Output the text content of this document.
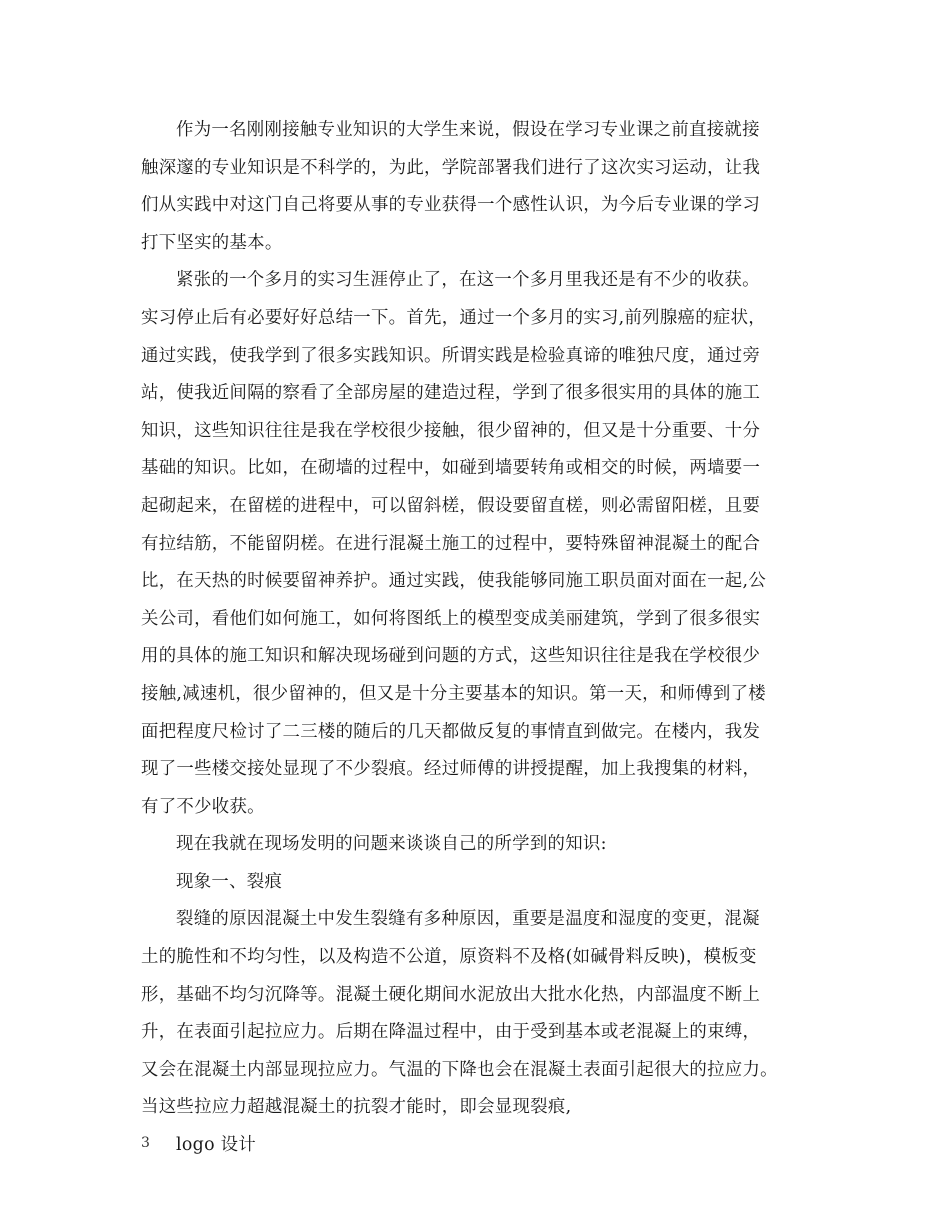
作为一名刚刚接触专业知识的大学生来说，假设在学习专业课之前直接就接
触深邃的专业知识是不科学的，为此，学院部署我们进行了这次实习运动，让我
们从实践中对这门自己将要从事的专业获得一个感性认识，为今后专业课的学习
打下坚实的基本。
紧张的一个多月的实习生涯停止了，在这一个多月里我还是有不少的收获。
实习停止后有必要好好总结一下。首先，通过一个多月的实习,前列腺癌的症状，
通过实践，使我学到了很多实践知识。所谓实践是检验真谛的唯独尺度，通过旁
站，使我近间隔的察看了全部房屋的建造过程，学到了很多很实用的具体的施工
知识，这些知识往往是我在学校很少接触，很少留神的，但又是十分重要、十分
基础的知识。比如，在砌墙的过程中，如碰到墙要转角或相交的时候，两墙要一
起砌起来，在留槎的进程中，可以留斜槎，假设要留直槎，则必需留阳槎，且要
有拉结筋，不能留阴槎。在进行混凝土施工的过程中，要特殊留神混凝土的配合
比，在天热的时候要留神养护。通过实践，使我能够同施工职员面对面在一起,公
关公司，看他们如何施工，如何将图纸上的模型变成美丽建筑，学到了很多很实
用的具体的施工知识和解决现场碰到问题的方式，这些知识往往是我在学校很少
接触,减速机，很少留神的，但又是十分主要基本的知识。第一天，和师傅到了楼
面把程度尺检讨了二三楼的随后的几天都做反复的事情直到做完。在楼内，我发
现了一些楼交接处显现了不少裂痕。经过师傅的讲授提醒，加上我搜集的材料，
有了不少收获。
现在我就在现场发明的问题来谈谈自己的所学到的知识:
现象一、裂痕
裂缝的原因混凝土中发生裂缝有多种原因，重要是温度和湿度的变更，混凝
土的脆性和不均匀性，以及构造不公道，原资料不及格(如碱骨料反映)，模板变
形，基础不均匀沉降等。混凝土硬化期间水泥放出大批水化热，内部温度不断上
升，在表面引起拉应力。后期在降温过程中，由于受到基本或老混凝上的束缚，
又会在混凝土内部显现拉应力。气温的下降也会在混凝土表面引起很大的拉应力。
当这些拉应力超越混凝土的抗裂才能时，即会显现裂痕,
logo 设计
3
